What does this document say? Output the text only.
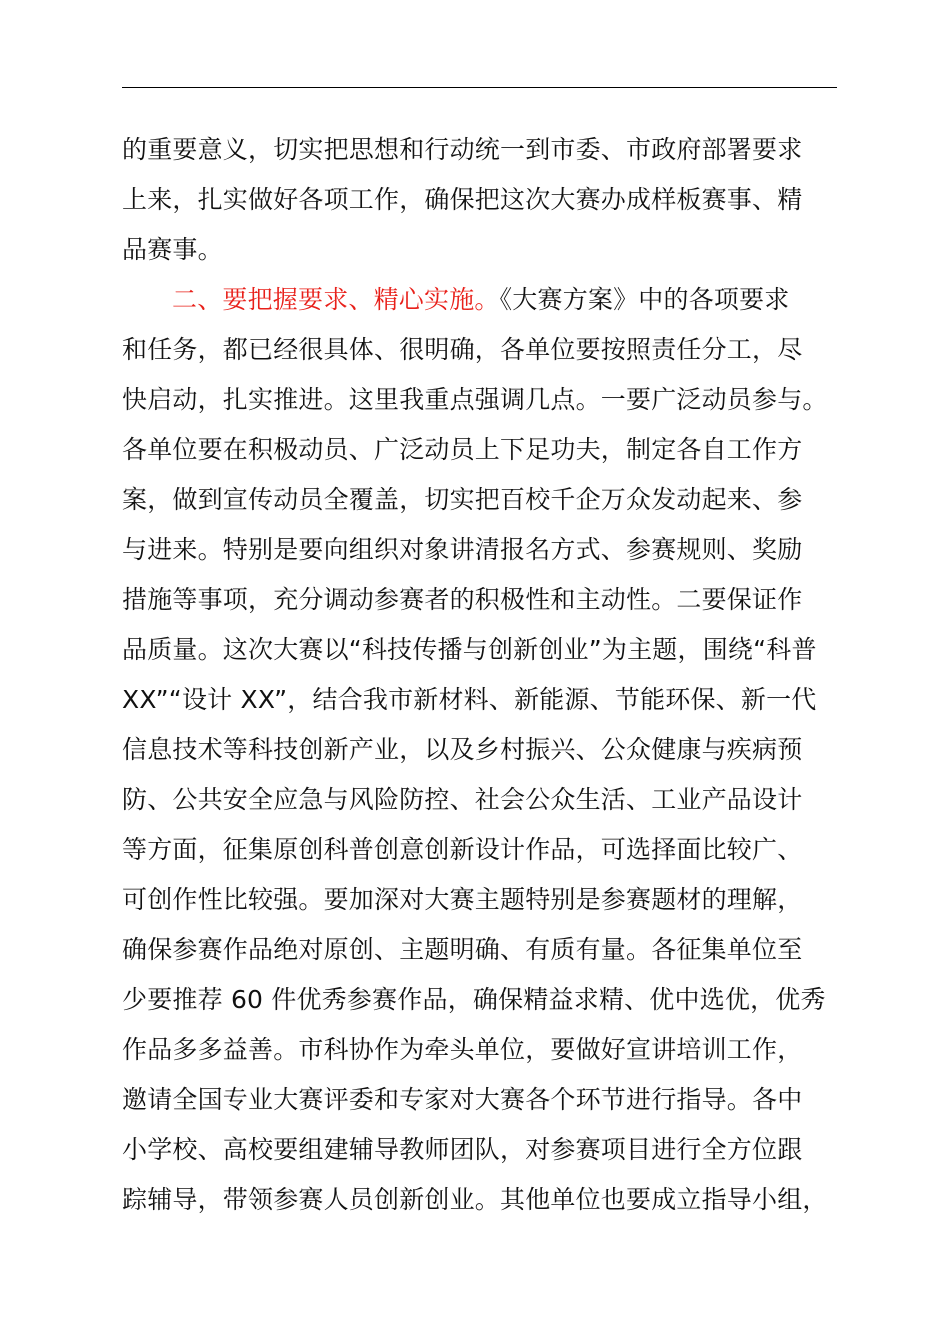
的重要意义，切实把思想和行动统一到市委、市政府部署要求
上来，扎实做好各项工作，确保把这次大赛办成样板赛事、精
品赛事。
二、要把握要求、精心实施。《大赛方案》中的各项要求
和任务，都已经很具体、很明确，各单位要按照责任分工，尽
快启动，扎实推进。这里我重点强调几点。一要广泛动员参与。
各单位要在积极动员、广泛动员上下足功夫，制定各自工作方
案，做到宣传动员全覆盖，切实把百校千企万众发动起来、参
与进来。特别是要向组织对象讲清报名方式、参赛规则、奖励
措施等事项，充分调动参赛者的积极性和主动性。二要保证作
品质量。这次大赛以“科技传播与创新创业”为主题，围绕“科普
XX”“设计 XX”，结合我市新材料、新能源、节能环保、新一代
信息技术等科技创新产业，以及乡村振兴、公众健康与疾病预
防、公共安全应急与风险防控、社会公众生活、工业产品设计
等方面，征集原创科普创意创新设计作品，可选择面比较广、
可创作性比较强。要加深对大赛主题特别是参赛题材的理解，
确保参赛作品绝对原创、主题明确、有质有量。各征集单位至
少要推荐 60 件优秀参赛作品，确保精益求精、优中选优，优秀
作品多多益善。市科协作为牵头单位，要做好宣讲培训工作，
邀请全国专业大赛评委和专家对大赛各个环节进行指导。各中
小学校、高校要组建辅导教师团队，对参赛项目进行全方位跟
踪辅导，带领参赛人员创新创业。其他单位也要成立指导小组，
